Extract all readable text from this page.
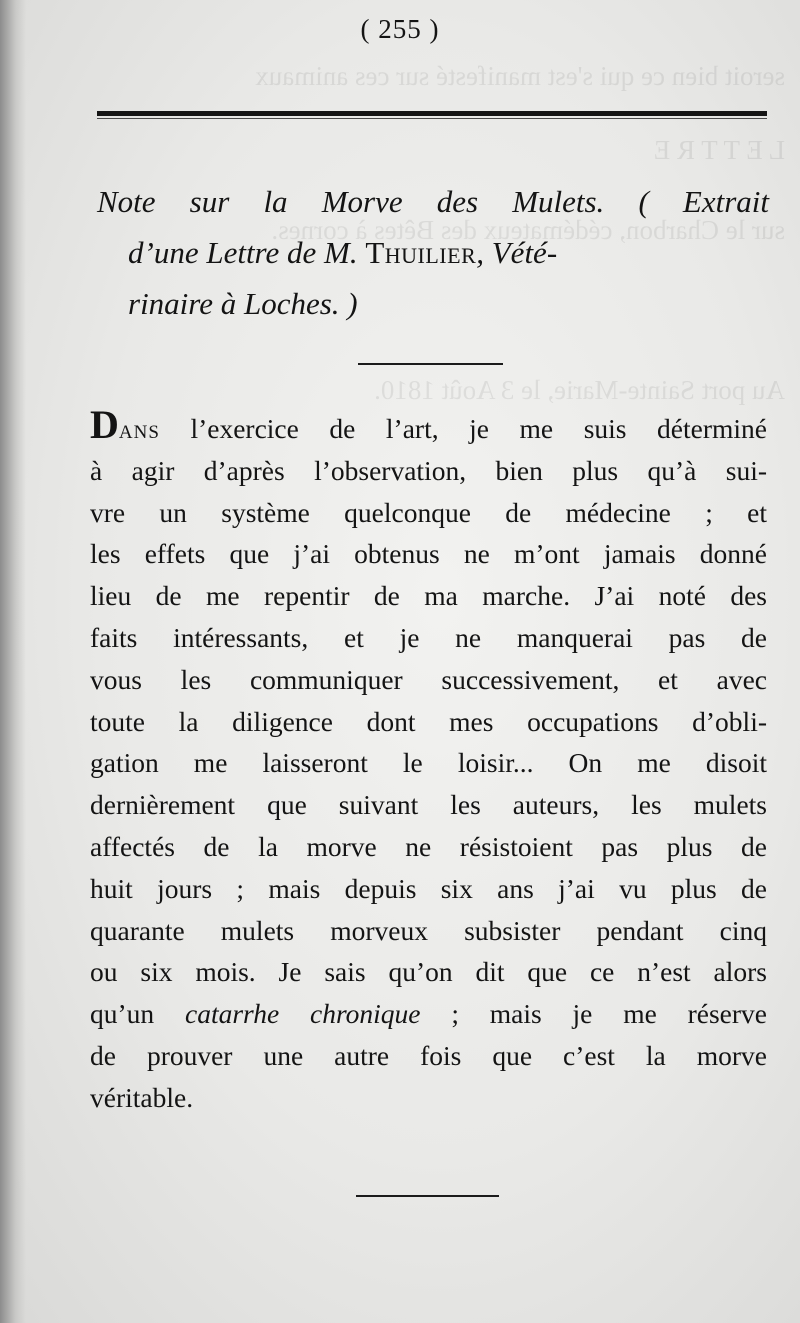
seroit bien ce qui s'est manifesté sur ces animaux
L E T T R E
sur le Charbon, cédémateux des Bêtes à cornes.
Au port Sainte-Marie, le 3 Août 1810.
( 255 )
Note sur la Morve des Mulets. ( Extrait
d’une Lettre de M. Thuilier, Vété-
rinaire à Loches. )
Dans l’exercice de l’art, je me suis déterminé
à agir d’après l’observation, bien plus qu’à sui-
vre un système quelconque de médecine ; et
les effets que j’ai obtenus ne m’ont jamais donné
lieu de me repentir de ma marche. J’ai noté des
faits intéressants, et je ne manquerai pas de
vous les communiquer successivement, et avec
toute la diligence dont mes occupations d’obli-
gation me laisseront le loisir... On me disoit
dernièrement que suivant les auteurs, les mulets
affectés de la morve ne résistoient pas plus de
huit jours ; mais depuis six ans j’ai vu plus de
quarante mulets morveux subsister pendant cinq
ou six mois. Je sais qu’on dit que ce n’est alors
qu’un catarrhe chronique ; mais je me réserve
de prouver une autre fois que c’est la morve
véritable.
